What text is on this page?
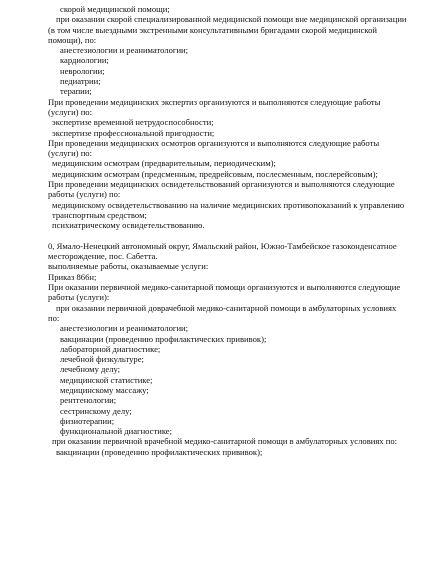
скорой медицинской помощи;
при оказании скорой специализированной медицинской помощи вне медицинской организации
(в том числе выездными экстренными консультативными бригадами скорой медицинской
помощи), по:
анестезиологии и реаниматологии;
кардиологии;
неврологии;
педиатрии;
терапии;
При проведении медицинских экспертиз организуются и выполняются следующие работы
(услуги) по:
экспертизе временной нетрудоспособности;
экспертизе профессиональной пригодности;
При проведении медицинских осмотров организуются и выполняются следующие работы
(услуги) по:
медицинским осмотрам (предварительным, периодическим);
медицинским осмотрам (предсменным, предрейсовым, послесменным, послерейсовым);
При проведении медицинских освидетельствований организуются и выполняются следующие
работы (услуги) по:
медицинскому освидетельствованию на наличие медицинских противопоказаний к управлению
транспортным средством;
психиатрическому освидетельствованию.
0, Ямало-Ненецкий автономный округ, Ямальский район, Южно-Тамбейское газоконденсатное
месторождение, пос. Сабетта.
выполняемые работы, оказываемые услуги:
Приказ 866н;
При оказании первичной медико-санитарной помощи организуются и выполняются следующие
работы (услуги):
при оказании первичной доврачебной медико-санитарной помощи в амбулаторных условиях
по:
анестезиологии и реаниматологии;
вакцинации (проведению профилактических прививок);
лабораторной диагностике;
лечебной физкультуре;
лечебному делу;
медицинской статистике;
медицинскому массажу;
рентгенологии;
сестринскому делу;
физиотерапии;
функциональной диагностике;
при оказании первичной врачебной медико-санитарной помощи в амбулаторных условиях по:
вакцинации (проведению профилактических прививок);
